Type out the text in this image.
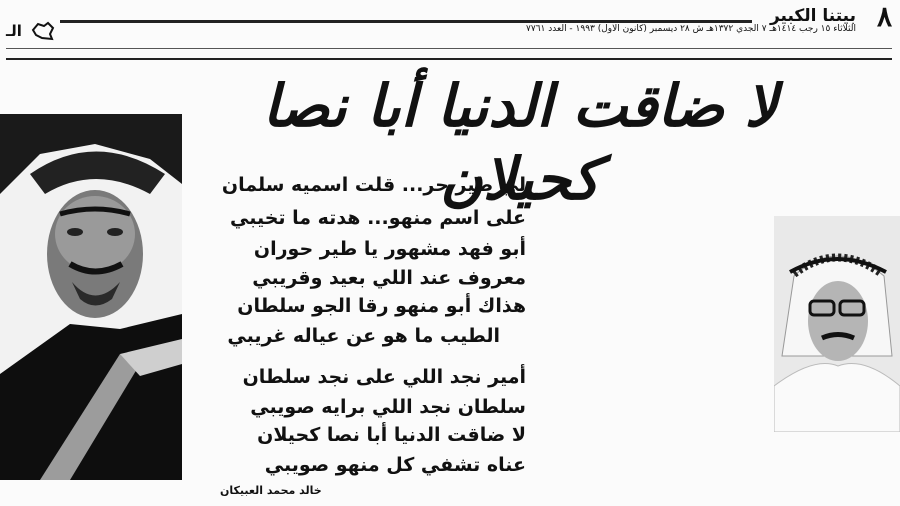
٨
بيتنا الكبير
الثلاثاء ١٥ رجب ١٤١٤هـ ٧ الجدي ١٣٧٢هـ ش ٢٨ ديسمبر (كانون الاول) ١٩٩٣ - العدد ٧٧٦١
الـ
لا ضاقت الدنيا أبا نصا كحيلان
لي طير حر... قلت اسميه سلمان
على اسم منهو... هدته ما تخيبي
أبو فهد مشهور يا طير حوران
معروف عند اللي بعيد وقريبي
هذاك أبو منهو رقا الجو سلطان
الطيب ما هو عن عياله غريبي
أمير نجد اللي على نجد سلطان
سلطان نجد اللي برايه صويبي
لا ضاقت الدنيا أبا نصا كحيلان
عناه تشفي كل منهو صويبي
خالد محمد العبيكان
